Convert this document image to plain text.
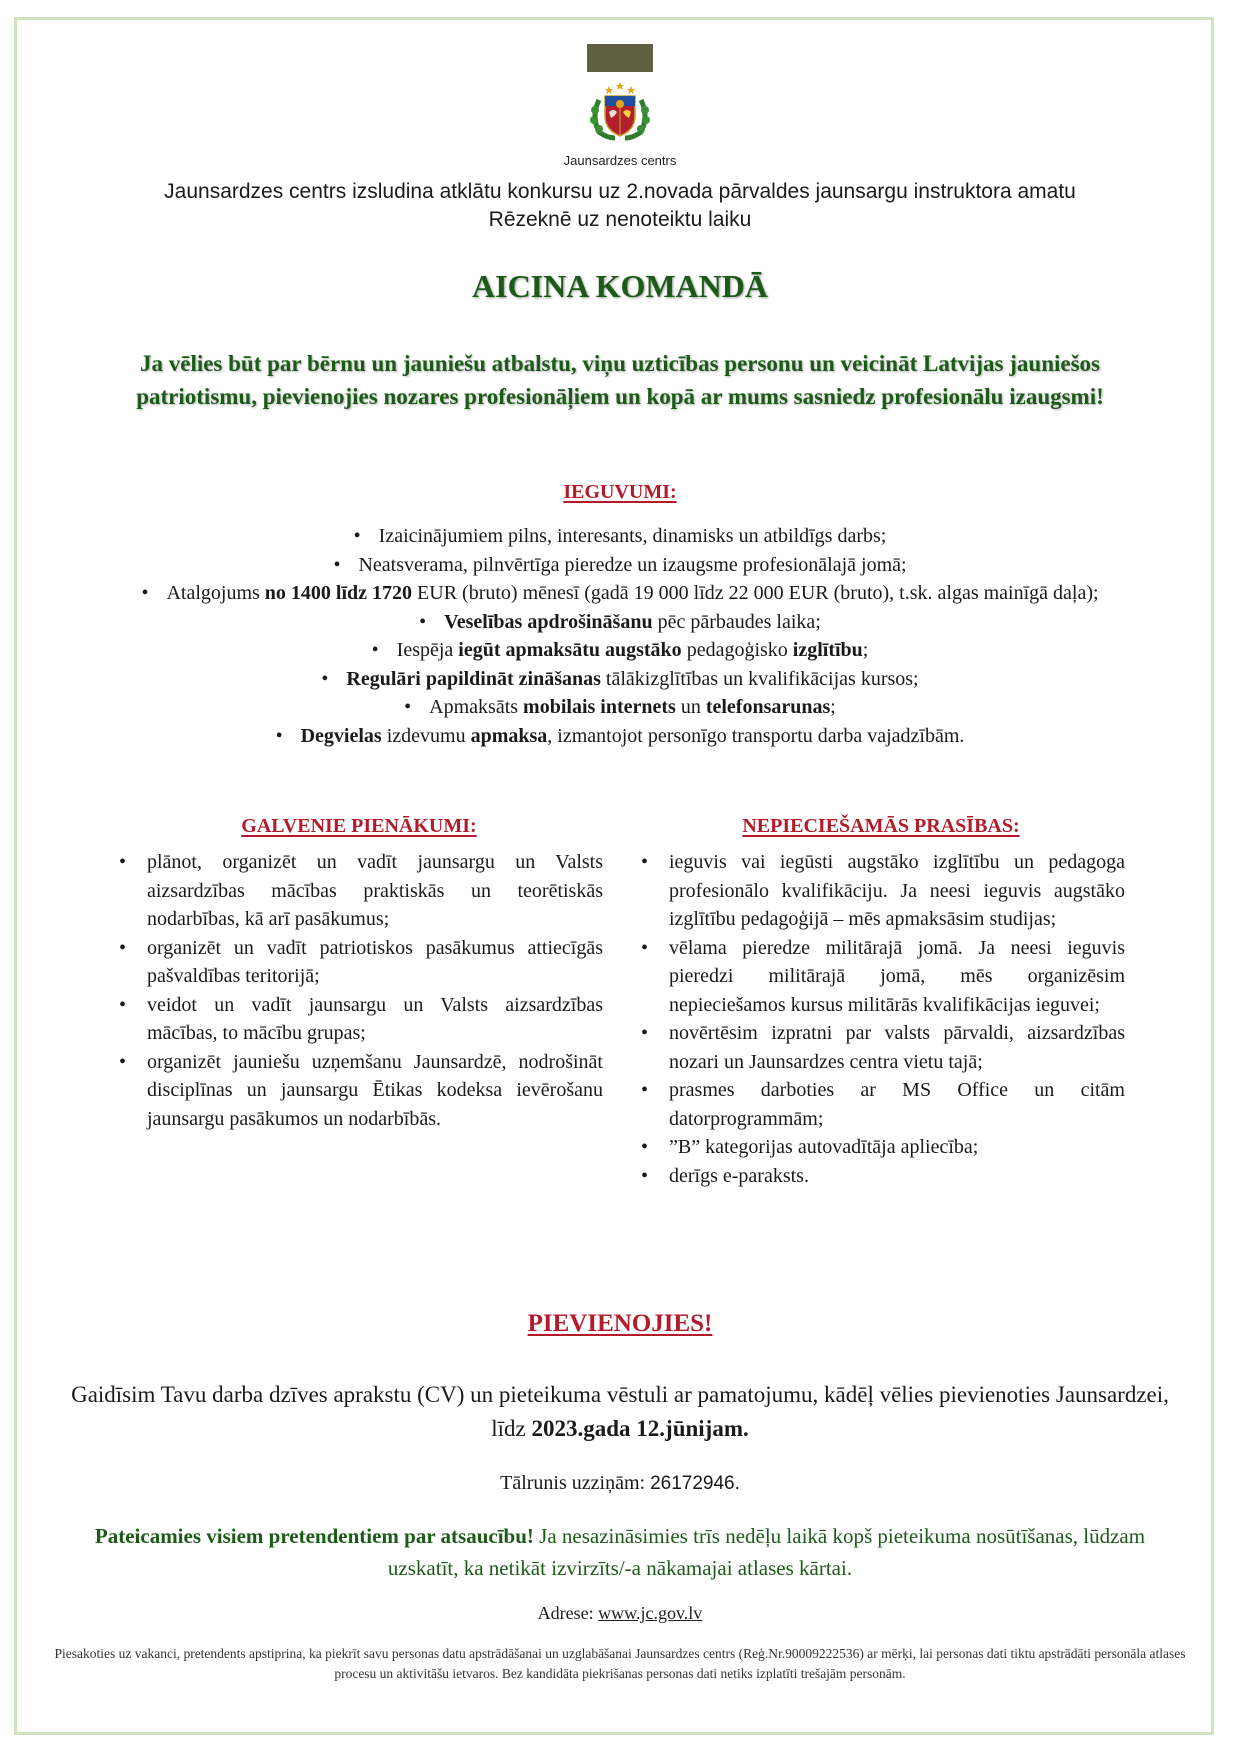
Jaunsardzes centrs
Jaunsardzes centrs izsludina atklātu konkursu uz 2.novada pārvaldes jaunsargu instruktora amatu
Rēzeknē uz nenoteiktu laiku
AICINA KOMANDĀ
Ja vēlies būt par bērnu un jauniešu atbalstu, viņu uzticības personu un veicināt Latvijas jauniešos patriotismu, pievienojies nozares profesionāļiem un kopā ar mums sasniedz profesionālu izaugsmi!
IEGUVUMI:
• Izaicinājumiem pilns, interesants, dinamisks un atbildīgs darbs;
• Neatsverama, pilnvērtīga pieredze un izaugsme profesionālajā jomā;
• Atalgojums no 1400 līdz 1720 EUR (bruto) mēnesī (gadā 19 000 līdz 22 000 EUR (bruto), t.sk. algas mainīgā daļa);
• Veselības apdrošināšanu pēc pārbaudes laika;
• Iespēja iegūt apmaksātu augstāko pedagoģisko izglītību;
• Regulāri papildināt zināšanas tālākizglītības un kvalifikācijas kursos;
• Apmaksāts mobilais internets un telefonsarunas;
• Degvielas izdevumu apmaksa, izmantojot personīgo transportu darba vajadzībām.
GALVENIE PIENĀKUMI:
• plānot, organizēt un vadīt jaunsargu un Valsts aizsardzības mācības praktiskās un teorētiskās nodarbības, kā arī pasākumus;
• organizēt un vadīt patriotiskos pasākumus attiecīgās pašvaldības teritorijā;
• veidot un vadīt jaunsargu un Valsts aizsardzības mācības, to mācību grupas;
• organizēt jauniešu uzņemšanu Jaunsardzē, nodrošināt disciplīnas un jaunsargu Ētikas kodeksa ievērošanu jaunsargu pasākumos un nodarbībās.
NEPIECIEŠAMĀS PRASĪBAS:
• ieguvis vai iegūsti augstāko izglītību un pedagoga profesionālo kvalifikāciju. Ja neesi ieguvis augstāko izglītību pedagoģijā – mēs apmaksāsim studijas;
• vēlama pieredze militārajā jomā. Ja neesi ieguvis pieredzi militārajā jomā, mēs organizēsim nepieciešamos kursus militārās kvalifikācijas ieguvei;
• novērtēsim izpratni par valsts pārvaldi, aizsardzības nozari un Jaunsardzes centra vietu tajā;
• prasmes darboties ar MS Office un citām datorprogrammām;
• ”B” kategorijas autovadītāja apliecība;
• derīgs e-paraksts.
PIEVIENOJIES!
Gaidīsim Tavu darba dzīves aprakstu (CV) un pieteikuma vēstuli ar pamatojumu, kādēļ vēlies pievienoties Jaunsardzei, līdz 2023.gada 12.jūnijam.
Tālrunis uzziņām: 26172946.
Pateicamies visiem pretendentiem par atsaucību! Ja nesazināsimies trīs nedēļu laikā kopš pieteikuma nosūtīšanas, lūdzam uzskatīt, ka netikāt izvirzīts/-a nākamajai atlases kārtai.
Adrese: www.jc.gov.lv
Piesakoties uz vakanci, pretendents apstiprina, ka piekrīt savu personas datu apstrādāšanai un uzglabāšanai Jaunsardzes centrs (Reģ.Nr.90009222536) ar mērķi, lai personas dati tiktu apstrādāti personāla atlases procesu un aktivitāšu ietvaros. Bez kandidāta piekrišanas personas dati netiks izplatīti trešajām personām.
